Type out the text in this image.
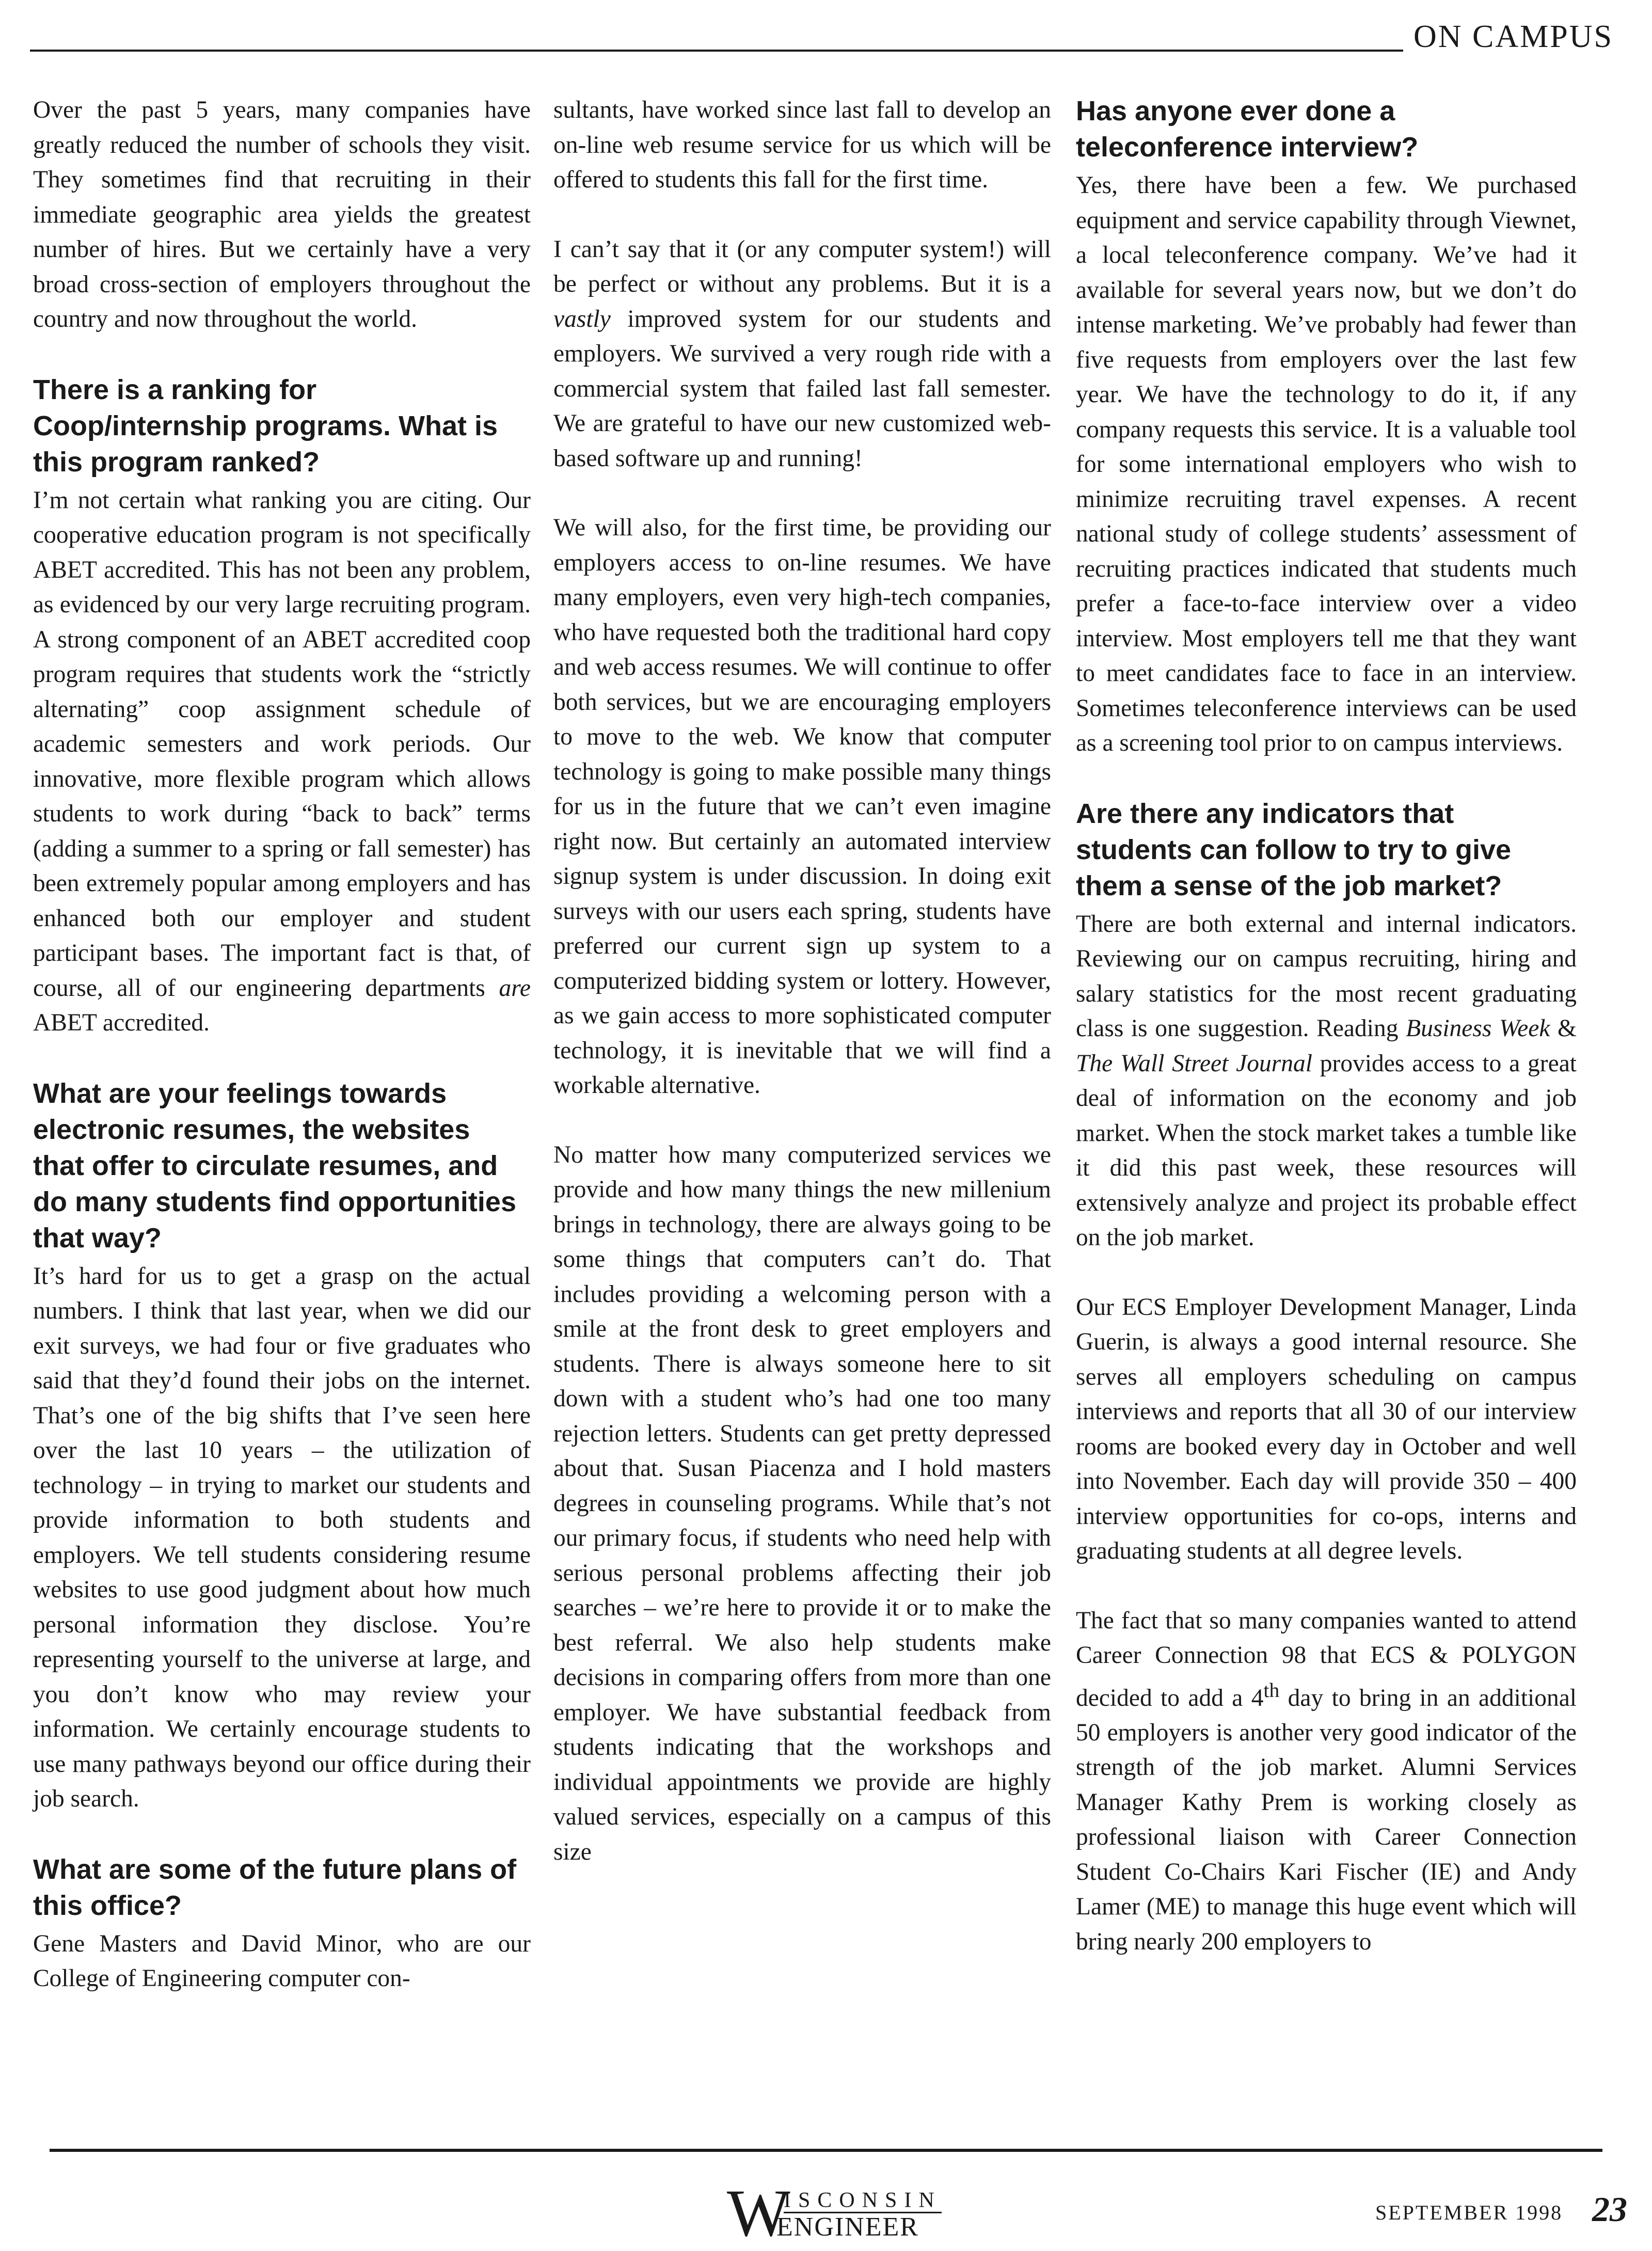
ON CAMPUS

Over the past 5 years, many companies have greatly reduced the number of schools they visit. They sometimes find that recruiting in their immediate geographic area yields the greatest number of hires. But we certainly have a very broad cross-section of employers throughout the country and now throughout the world.

There is a ranking for Coop/internship programs. What is this program ranked?

I’m not certain what ranking you are citing. Our cooperative education program is not specifically ABET accredited. This has not been any problem, as evidenced by our very large recruiting program. A strong component of an ABET accredited coop program requires that students work the “strictly alternating” coop assignment schedule of academic semesters and work periods. Our innovative, more flexible program which allows students to work during “back to back” terms (adding a summer to a spring or fall semester) has been extremely popular among employers and has enhanced both our employer and student participant bases. The important fact is that, of course, all of our engineering departments are ABET accredited.

What are your feelings towards electronic resumes, the websites that offer to circulate resumes, and do many students find opportunities that way?

It’s hard for us to get a grasp on the actual numbers. I think that last year, when we did our exit surveys, we had four or five graduates who said that they’d found their jobs on the internet. That’s one of the big shifts that I’ve seen here over the last 10 years – the utilization of technology – in trying to market our students and provide information to both students and employers. We tell students considering resume websites to use good judgment about how much personal information they disclose. You’re representing yourself to the universe at large, and you don’t know who may review your information. We certainly encourage students to use many pathways beyond our office during their job search.

What are some of the future plans of this office?

Gene Masters and David Minor, who are our College of Engineering computer con-

sultants, have worked since last fall to develop an on-line web resume service for us which will be offered to students this fall for the first time.

I can’t say that it (or any computer system!) will be perfect or without any problems. But it is a vastly improved system for our students and employers. We survived a very rough ride with a commercial system that failed last fall semester. We are grateful to have our new customized web-based software up and running!

We will also, for the first time, be providing our employers access to on-line resumes. We have many employers, even very high-tech companies, who have requested both the traditional hard copy and web access resumes. We will continue to offer both services, but we are encouraging employers to move to the web. We know that computer technology is going to make possible many things for us in the future that we can’t even imagine right now. But certainly an automated interview signup system is under discussion. In doing exit surveys with our users each spring, students have preferred our current sign up system to a computerized bidding system or lottery. However, as we gain access to more sophisticated computer technology, it is inevitable that we will find a workable alternative.

No matter how many computerized services we provide and how many things the new millenium brings in technology, there are always going to be some things that computers can’t do. That includes providing a welcoming person with a smile at the front desk to greet employers and students. There is always someone here to sit down with a student who’s had one too many rejection letters. Students can get pretty depressed about that. Susan Piacenza and I hold masters degrees in counseling programs. While that’s not our primary focus, if students who need help with serious personal problems affecting their job searches – we’re here to provide it or to make the best referral. We also help students make decisions in comparing offers from more than one employer. We have substantial feedback from students indicating that the workshops and individual appointments we provide are highly valued services, especially on a campus of this size

Has anyone ever done a teleconference interview?

Yes, there have been a few. We purchased equipment and service capability through Viewnet, a local teleconference company. We’ve had it available for several years now, but we don’t do intense marketing. We’ve probably had fewer than five requests from employers over the last few year. We have the technology to do it, if any company requests this service. It is a valuable tool for some international employers who wish to minimize recruiting travel expenses. A recent national study of college students’ assessment of recruiting practices indicated that students much prefer a face-to-face interview over a video interview. Most employers tell me that they want to meet candidates face to face in an interview. Sometimes teleconference interviews can be used as a screening tool prior to on campus interviews.

Are there any indicators that students can follow to try to give them a sense of the job market?

There are both external and internal indicators. Reviewing our on campus recruiting, hiring and salary statistics for the most recent graduating class is one suggestion. Reading Business Week & The Wall Street Journal provides access to a great deal of information on the economy and job market. When the stock market takes a tumble like it did this past week, these resources will extensively analyze and project its probable effect on the job market.

Our ECS Employer Development Manager, Linda Guerin, is always a good internal resource. She serves all employers scheduling on campus interviews and reports that all 30 of our interview rooms are booked every day in October and well into November. Each day will provide 350 – 400 interview opportunities for co-ops, interns and graduating students at all degree levels.

The fact that so many companies wanted to attend Career Connection 98 that ECS & POLYGON decided to add a 4th day to bring in an additional 50 employers is another very good indicator of the strength of the job market. Alumni Services Manager Kathy Prem is working closely as professional liaison with Career Connection Student Co-Chairs Kari Fischer (IE) and Andy Lamer (ME) to manage this huge event which will bring nearly 200 employers to

W
ISCONSIN
ENGINEER	SEPTEMBER 1998 23
